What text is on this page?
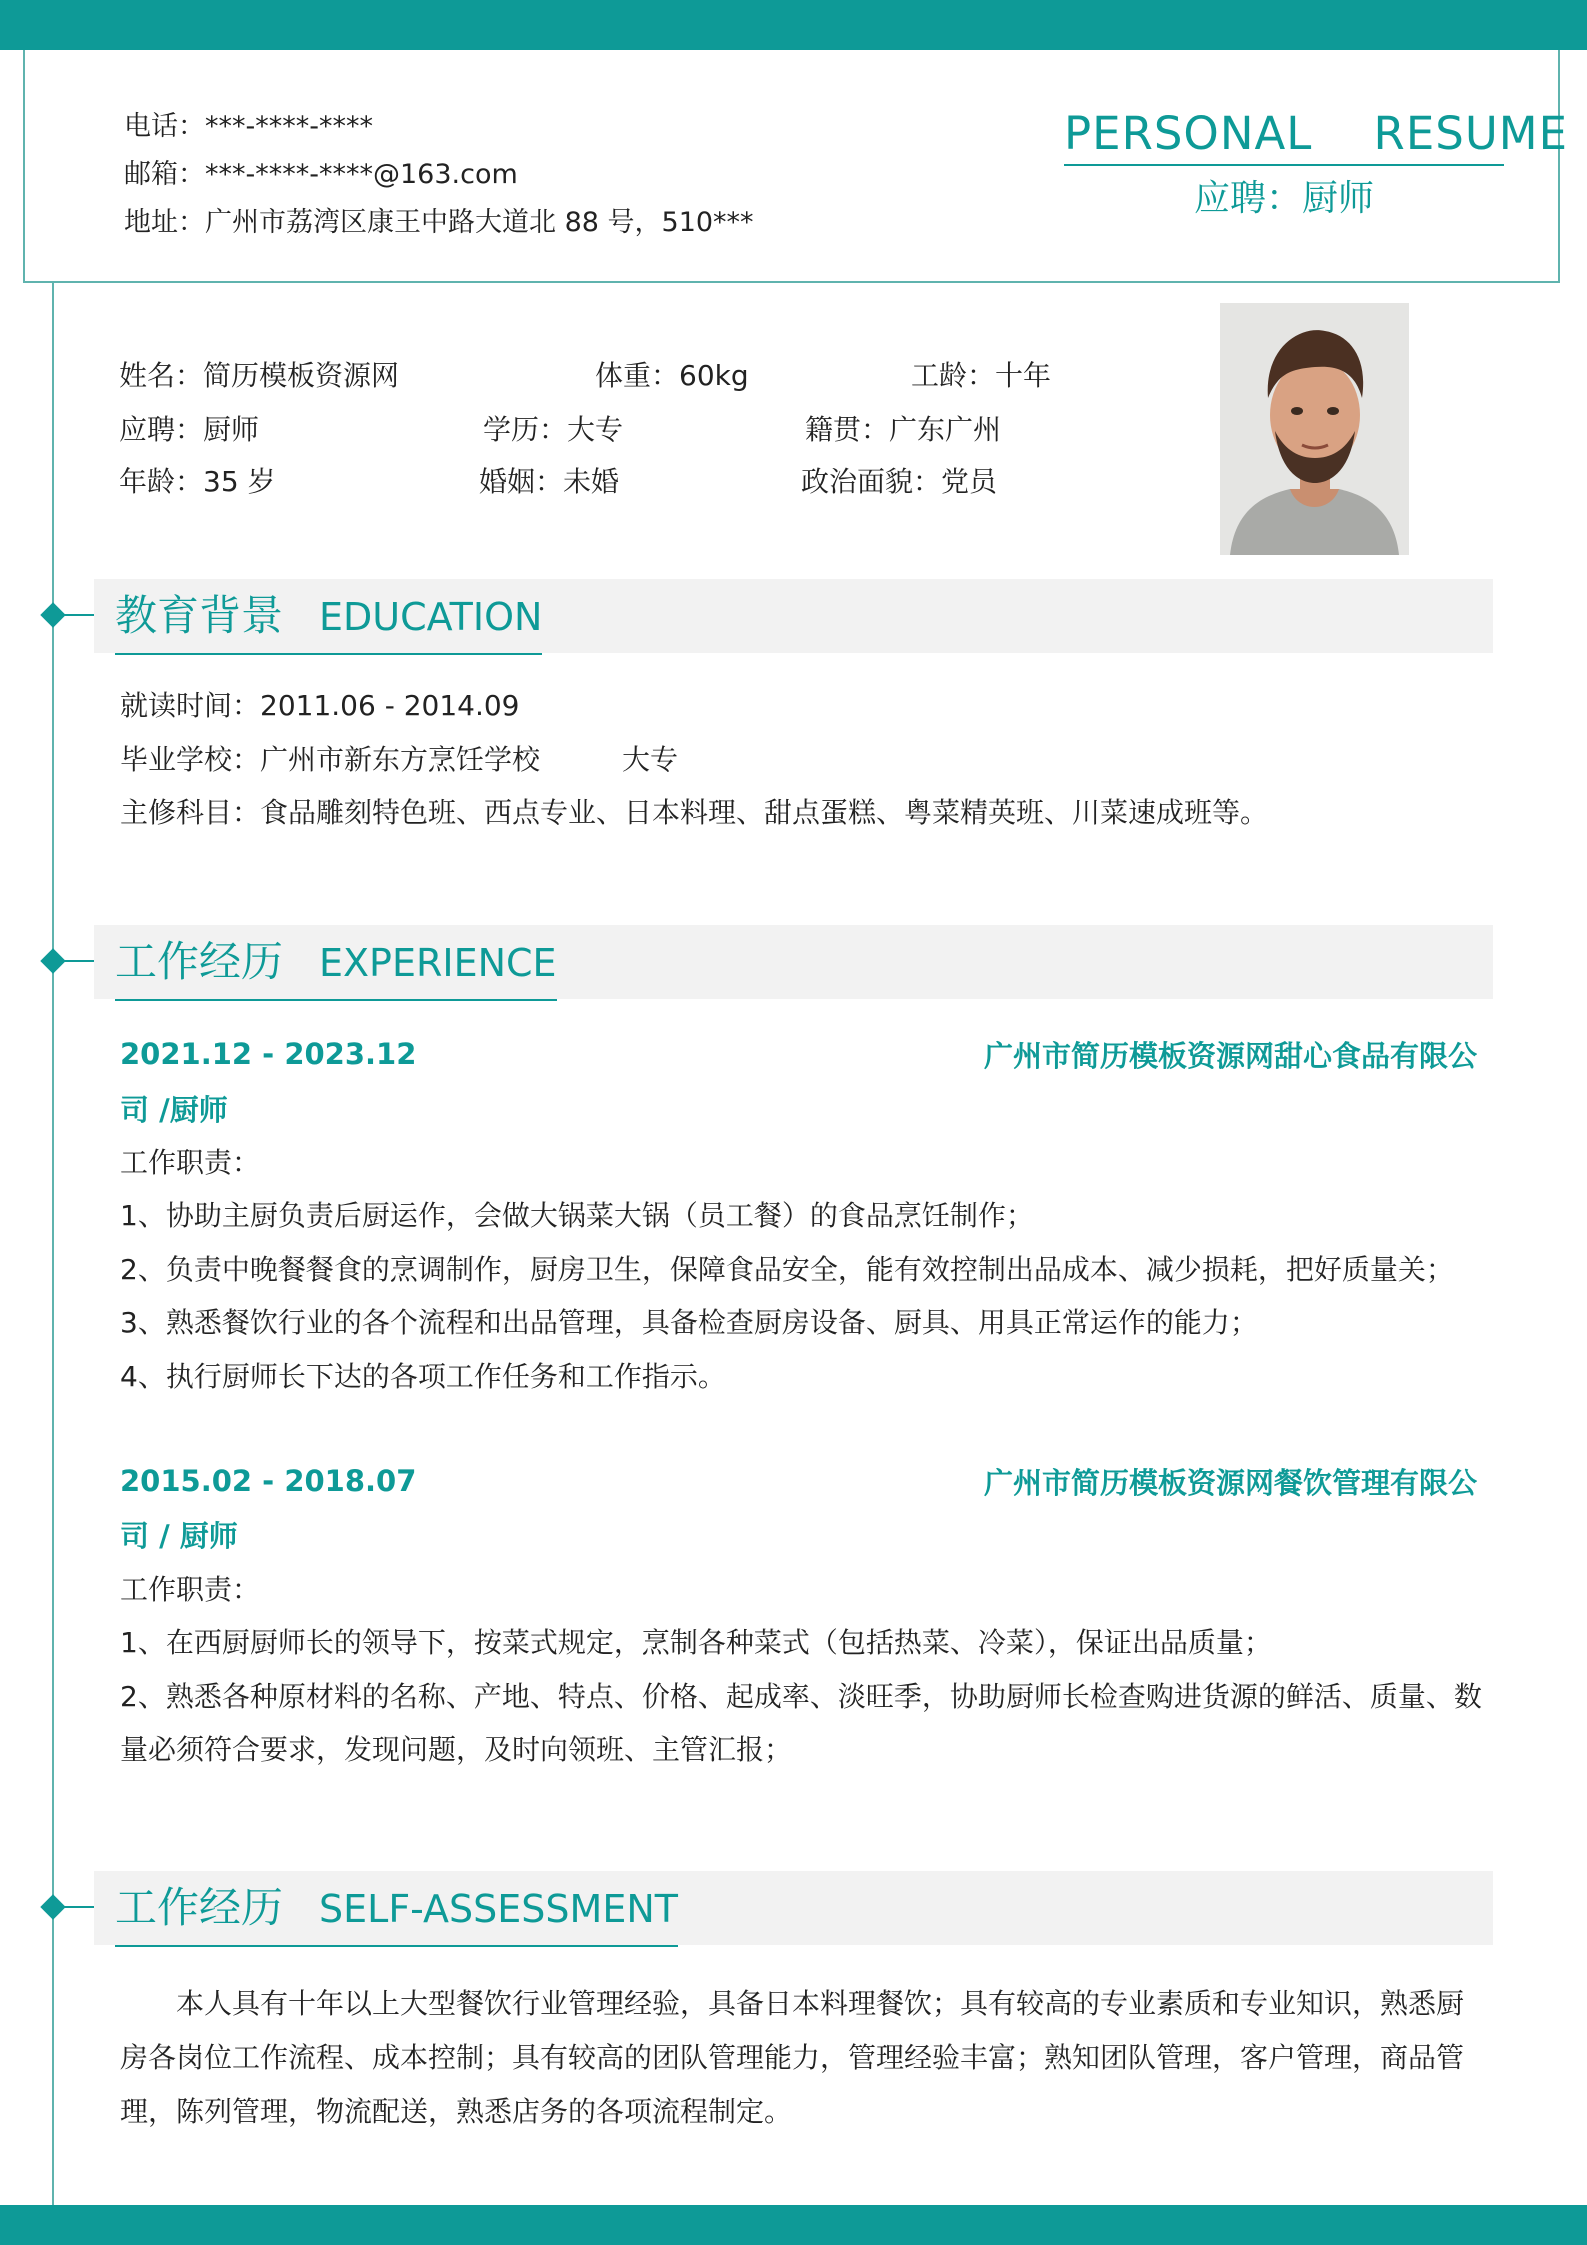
电话：***-****-****
邮箱：***-****-****@163.com
地址：广州市荔湾区康王中路大道北 88 号，510***
PERSONAL    RESUME
应聘：厨师
姓名：简历模板资源网	体重：60kg	工龄：十年
应聘：厨师	学历：大专	籍贯：广东广州
年龄：35 岁	婚姻：未婚	政治面貌：党员
教育背景 EDUCATION
就读时间：2011.06 - 2014.09
毕业学校：广州市新东方烹饪学校	大专
主修科目：食品雕刻特色班、西点专业、日本料理、甜点蛋糕、粤菜精英班、川菜速成班等。
工作经历 EXPERIENCE
2021.12 - 2023.12	广州市简历模板资源网甜心食品有限公
司 /厨师
工作职责：
1、协助主厨负责后厨运作，会做大锅菜大锅（员工餐）的食品烹饪制作；
2、负责中晚餐餐食的烹调制作，厨房卫生，保障食品安全，能有效控制出品成本、减少损耗，把好质量关；
3、熟悉餐饮行业的各个流程和出品管理，具备检查厨房设备、厨具、用具正常运作的能力；
4、执行厨师长下达的各项工作任务和工作指示。
2015.02 - 2018.07	广州市简历模板资源网餐饮管理有限公
司 / 厨师
工作职责：
1、在西厨厨师长的领导下，按菜式规定，烹制各种菜式（包括热菜、冷菜），保证出品质量；
2、熟悉各种原材料的名称、产地、特点、价格、起成率、淡旺季，协助厨师长检查购进货源的鲜活、质量、数
量必须符合要求，发现问题，及时向领班、主管汇报；
工作经历 SELF-ASSESSMENT
本人具有十年以上大型餐饮行业管理经验，具备日本料理餐饮；具有较高的专业素质和专业知识，熟悉厨房各岗位工作流程、成本控制；具有较高的团队管理能力，管理经验丰富；熟知团队管理，客户管理，商品管理，陈列管理，物流配送，熟悉店务的各项流程制定。
